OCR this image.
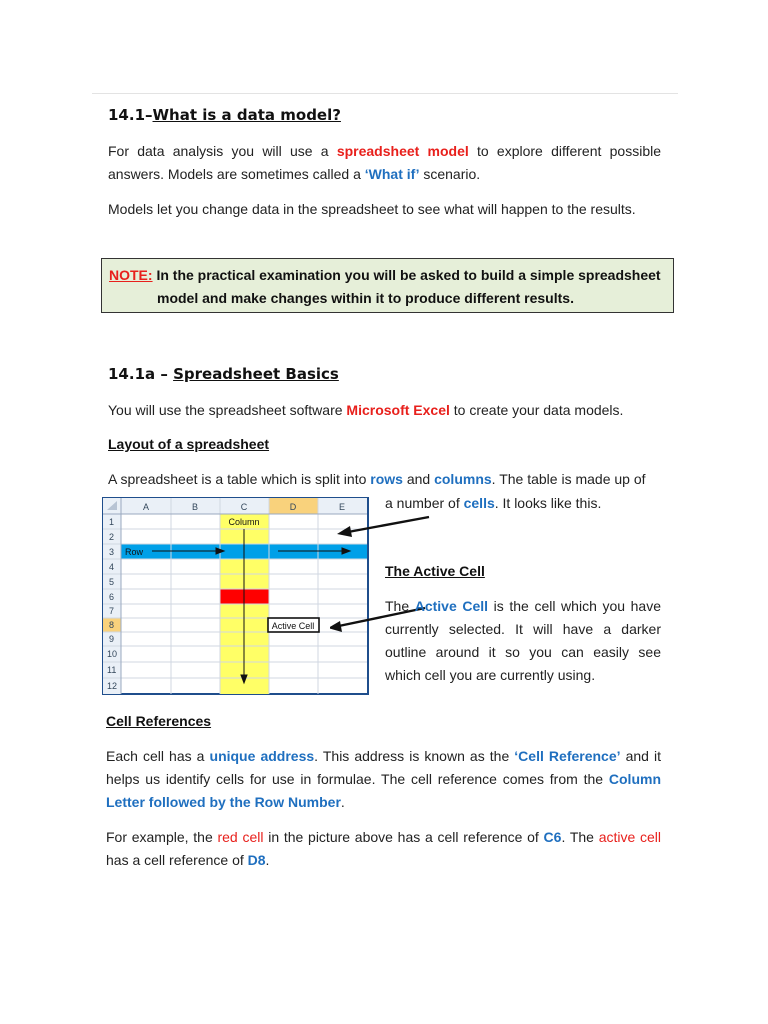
14.1–What is a data model?
For data analysis you will use a spreadsheet model to explore different possible answers. Models are sometimes called a ‘What if’ scenario.
Models let you change data in the spreadsheet to see what will happen to the results.
NOTE: In the practical examination you will be asked to build a simple spreadsheet
model and make changes within it to produce different results.
14.1a – Spreadsheet Basics
You will use the spreadsheet software Microsoft Excel to create your data models.
Layout of a spreadsheet
A spreadsheet is a table which is split into rows and columns. The table is made up of
a number of cells. It looks like this.
A	B	C	D	E
1
2
3
4
5
6
7
8
9
10
11
12
Column
Row
Active Cell
The Active Cell
The Active Cell is the cell which you have currently selected. It will have a darker outline around it so you can easily see which cell you are currently using.
Cell References
Each cell has a unique address. This address is known as the ‘Cell Reference’ and it helps us identify cells for use in formulae. The cell reference comes from the Column Letter followed by the Row Number.
For example, the red cell in the picture above has a cell reference of C6. The active cell has a cell reference of D8.
